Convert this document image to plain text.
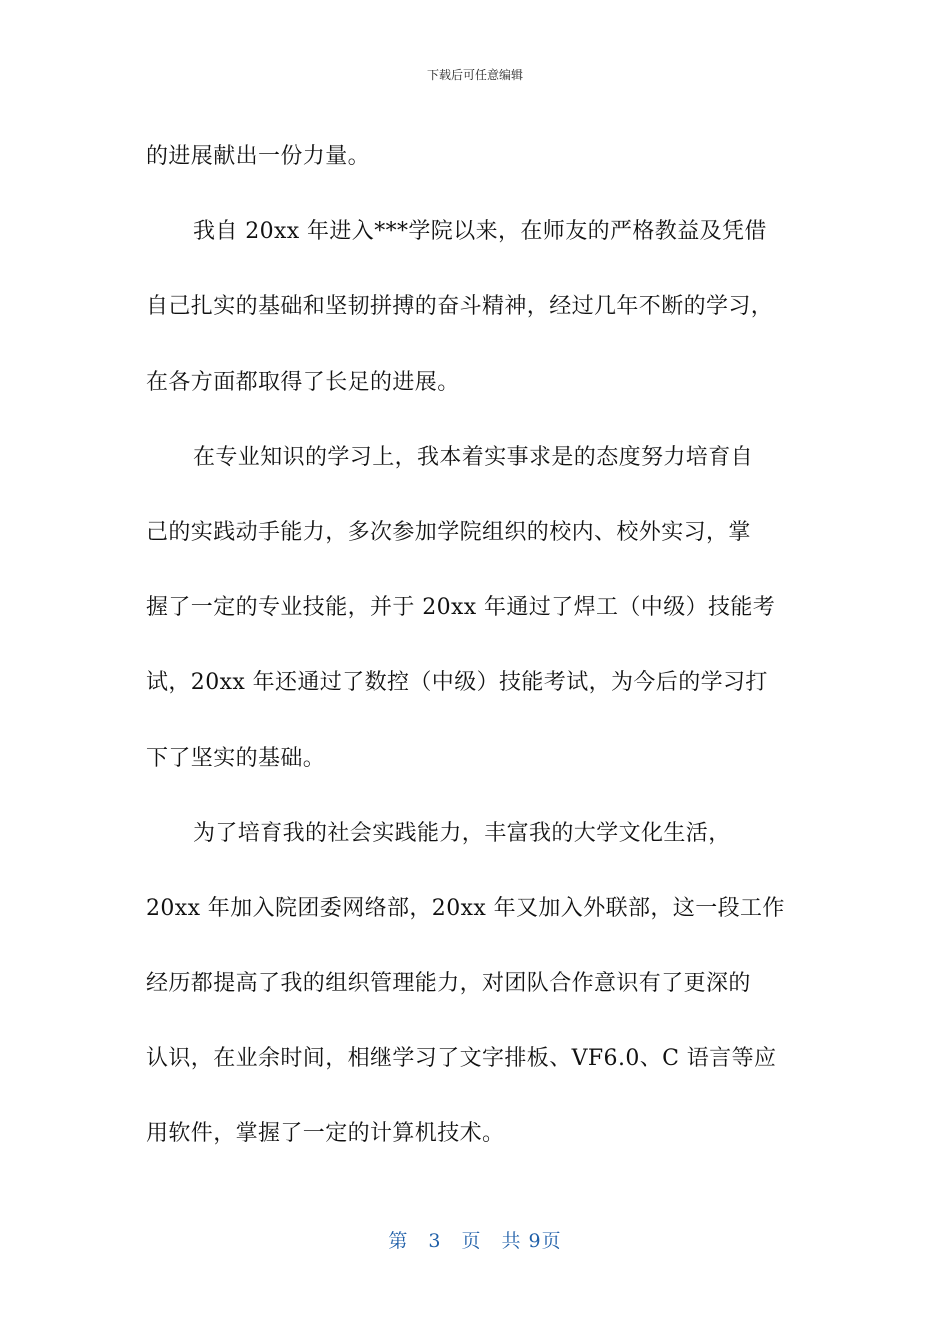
下载后可任意编辑
的进展献出一份力量。
我自 20xx 年进入***学院以来，在师友的严格教益及凭借
自己扎实的基础和坚韧拼搏的奋斗精神，经过几年不断的学习，
在各方面都取得了长足的进展。
在专业知识的学习上，我本着实事求是的态度努力培育自
己的实践动手能力，多次参加学院组织的校内、校外实习，掌
握了一定的专业技能，并于 20xx 年通过了焊工（中级）技能考
试，20xx 年还通过了数控（中级）技能考试，为今后的学习打
下了坚实的基础。
为了培育我的社会实践能力，丰富我的大学文化生活，
20xx 年加入院团委网络部，20xx 年又加入外联部，这一段工作
经历都提高了我的组织管理能力，对团队合作意识有了更深的
认识，在业余时间，相继学习了文字排板、VF6.0、C 语言等应
用软件，掌握了一定的计算机技术。
第　3　页　共 9页
